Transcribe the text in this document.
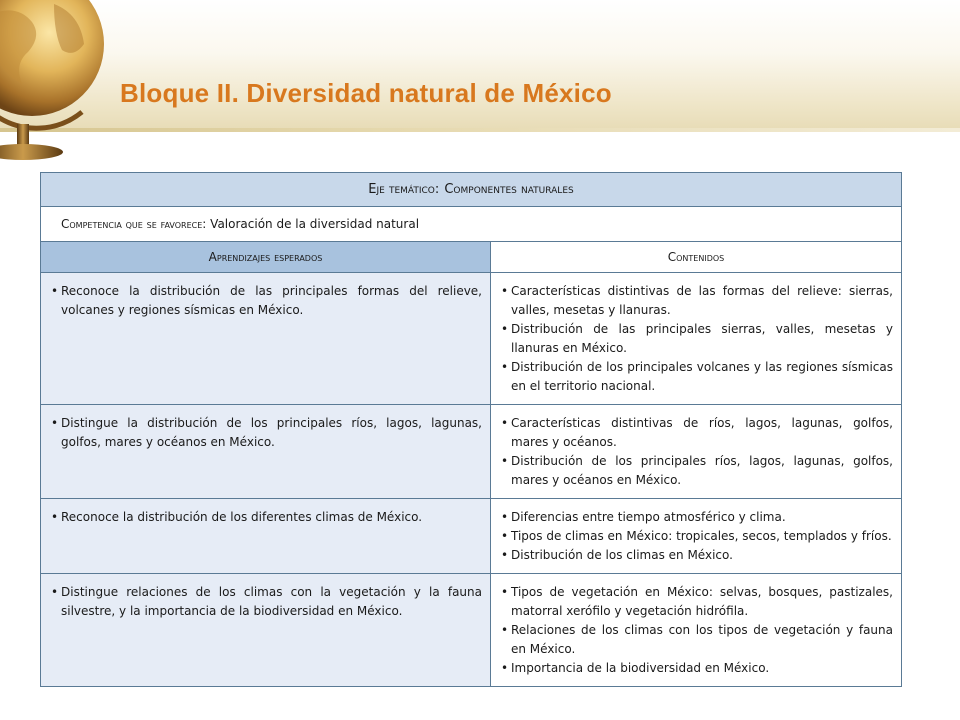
Bloque II. Diversidad natural de México
Eje temático: Componentes naturales	
Competencia que se favorece: Valoración de la diversidad natural	
Aprendizajes esperados	Contenidos

• Reconoce la distribución de las principales formas del relieve, volcanes y regiones sísmicas en México.	• Características distintivas de las formas del relieve: sierras, valles, mesetas y llanuras.
• Distribución de las principales sierras, valles, mesetas y llanuras en México.
• Distribución de los principales volcanes y las regiones sísmicas en el territorio nacional.

• Distingue la distribución de los principales ríos, lagos, lagunas, golfos, mares y océanos en México.	• Características distintivas de ríos, lagos, lagunas, golfos, mares y océanos.
• Distribución de los principales ríos, lagos, lagunas, golfos, mares y océanos en México.

• Reconoce la distribución de los diferentes climas de México.	• Diferencias entre tiempo atmosférico y clima.
• Tipos de climas en México: tropicales, secos, templados y fríos.
• Distribución de los climas en México.

• Distingue relaciones de los climas con la vegetación y la fauna silvestre, y la importancia de la biodiversidad en México.	• Tipos de vegetación en México: selvas, bosques, pastizales, matorral xerófilo y vegetación hidrófila.
• Relaciones de los climas con los tipos de vegetación y fauna en México.
• Importancia de la biodiversidad en México.
